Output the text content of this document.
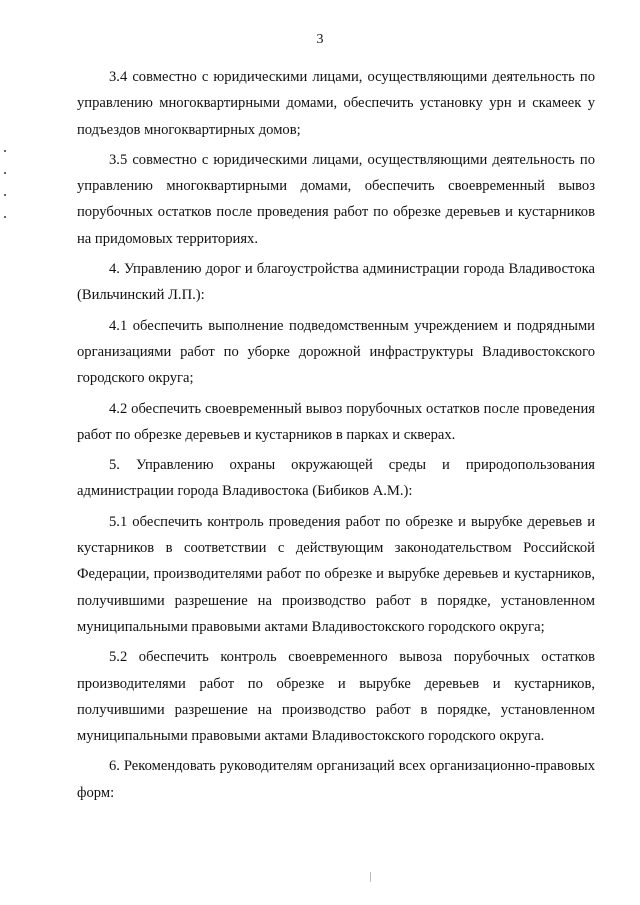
3

3.4 совместно с юридическими лицами, осуществляющими деятельность по управлению многоквартирными домами, обеспечить установку урн и скамеек у подъездов многоквартирных домов;

3.5 совместно с юридическими лицами, осуществляющими деятельность по управлению многоквартирными домами, обеспечить своевременный вывоз порубочных остатков после проведения работ по обрезке деревьев и кустарников на придомовых территориях.

4. Управлению дорог и благоустройства администрации города Владивостока (Вильчинский Л.П.):

4.1 обеспечить выполнение подведомственным учреждением и подрядными организациями работ по уборке дорожной инфраструктуры Владивостокского городского округа;

4.2 обеспечить своевременный вывоз порубочных остатков после проведения работ по обрезке деревьев и кустарников в парках и скверах.

5. Управлению охраны окружающей среды и природопользования администрации города Владивостока (Бибиков А.М.):

5.1 обеспечить контроль проведения работ по обрезке и вырубке деревьев и кустарников в соответствии с действующим законодательством Российской Федерации, производителями работ по обрезке и вырубке деревьев и кустарников, получившими разрешение на производство работ в порядке, установленном муниципальными правовыми актами Владивостокского городского округа;

5.2 обеспечить контроль своевременного вывоза порубочных остатков производителями работ по обрезке и вырубке деревьев и кустарников, получившими разрешение на производство работ в порядке, установленном муниципальными правовыми актами Владивостокского городского округа.

6. Рекомендовать руководителям организаций всех организационно-правовых форм:
